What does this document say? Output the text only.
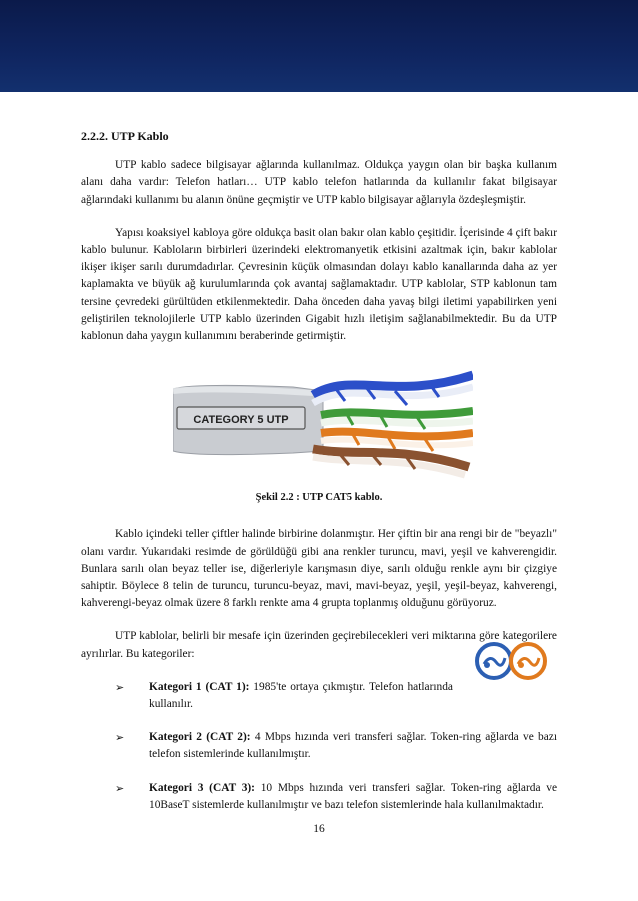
2.2.2. UTP Kablo

UTP kablo sadece bilgisayar ağlarında kullanılmaz. Oldukça yaygın olan bir başka kullanım alanı daha vardır: Telefon hatları… UTP kablo telefon hatlarında da kullanılır fakat bilgisayar ağlarındaki kullanımı bu alanın önüne geçmiştir ve UTP kablo bilgisayar ağlarıyla özdeşleşmiştir.

Yapısı koaksiyel kabloya göre oldukça basit olan bakır olan kablo çeşitidir. İçerisinde 4 çift bakır kablo bulunur. Kabloların birbirleri üzerindeki elektromanyetik etkisini azaltmak için, bakır kablolar ikişer ikişer sarılı durumdadırlar. Çevresinin küçük olmasından dolayı kablo kanallarında daha az yer kaplamakta ve büyük ağ kurulumlarında çok avantaj sağlamaktadır. UTP kablolar, STP kablonun tam tersine çevredeki gürültüden etkilenmektedir. Daha önceden daha yavaş bilgi iletimi yapabilirken yeni geliştirilen teknolojilerle UTP kablo üzerinden Gigabit hızlı iletişim sağlanabilmektedir. Bu da UTP kablonun daha yaygın kullanımını beraberinde getirmiştir.

CATEGORY 5 UTP
Şekil 2.2 : UTP CAT5 kablo.

Kablo içindeki teller çiftler halinde birbirine dolanmıştır. Her çiftin bir ana rengi bir de "beyazlı" olanı vardır. Yukarıdaki resimde de görüldüğü gibi ana renkler turuncu, mavi, yeşil ve kahverengidir. Bunlara sarılı olan beyaz teller ise, diğerleriyle karışmasın diye, sarılı olduğu renkle aynı bir çizgiye sahiptir. Böylece 8 telin de turuncu, turuncu-beyaz, mavi, mavi-beyaz, yeşil, yeşil-beyaz, kahverengi, kahverengi-beyaz olmak üzere 8 farklı renkte ama 4 grupta toplanmış olduğunu görüyoruz.

UTP kablolar, belirli bir mesafe için üzerinden geçirebilecekleri veri miktarına göre kategorilere ayrılırlar. Bu kategoriler:

➢ Kategori 1 (CAT 1): 1985'te ortaya çıkmıştır. Telefon hatlarında kullanılır.
➢ Kategori 2 (CAT 2): 4 Mbps hızında veri transferi sağlar. Token-ring ağlarda ve bazı telefon sistemlerinde kullanılmıştır.
➢ Kategori 3 (CAT 3): 10 Mbps hızında veri transferi sağlar. Token-ring ağlarda ve 10BaseT sistemlerde kullanılmıştır ve bazı telefon sistemlerinde hala kullanılmaktadır.
16
